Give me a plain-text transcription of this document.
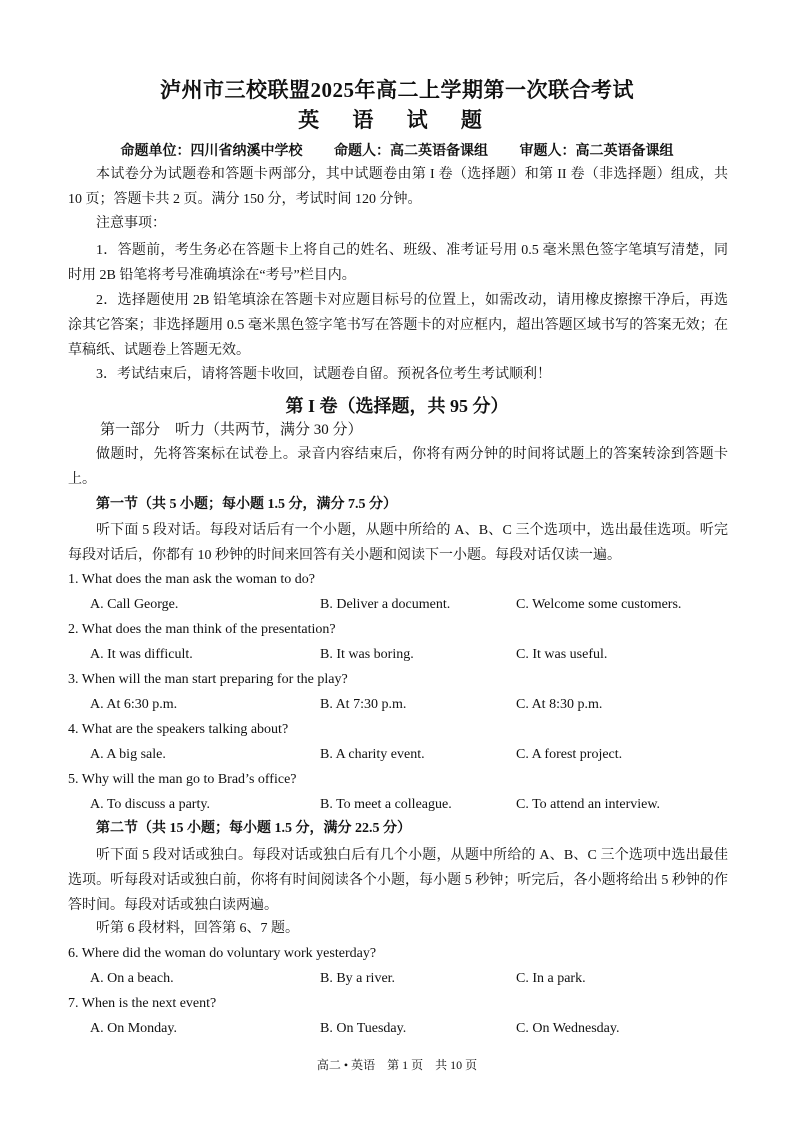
泸州市三校联盟2025年高二上学期第一次联合考试
英 语 试 题
命题单位：四川省纳溪中学校 命题人：高二英语备课组 审题人：高二英语备课组
本试卷分为试题卷和答题卡两部分，其中试题卷由第 I 卷（选择题）和第 II 卷（非选择题）组成，共 10 页；答题卡共 2 页。满分 150 分，考试时间 120 分钟。
注意事项：
1．答题前，考生务必在答题卡上将自己的姓名、班级、准考证号用 0.5 毫米黑色签字笔填写清楚，同时用 2B 铅笔将考号准确填涂在“考号”栏目内。
2．选择题使用 2B 铅笔填涂在答题卡对应题目标号的位置上，如需改动，请用橡皮擦擦干净后，再选涂其它答案；非选择题用 0.5 毫米黑色签字笔书写在答题卡的对应框内，超出答题区域书写的答案无效；在草稿纸、试题卷上答题无效。
3．考试结束后，请将答题卡收回，试题卷自留。预祝各位考生考试顺利！
第 I 卷（选择题，共 95 分）
第一部分　听力（共两节，满分 30 分）
做题时，先将答案标在试卷上。录音内容结束后，你将有两分钟的时间将试题上的答案转涂到答题卡上。
第一节（共 5 小题；每小题 1.5 分，满分 7.5 分）
听下面 5 段对话。每段对话后有一个小题，从题中所给的 A、B、C 三个选项中，选出最佳选项。听完每段对话后，你都有 10 秒钟的时间来回答有关小题和阅读下一小题。每段对话仅读一遍。
1. What does the man ask the woman to do?
A. Call George.	B. Deliver a document.	C. Welcome some customers.
2. What does the man think of the presentation?
A. It was difficult.	B. It was boring.	C. It was useful.
3. When will the man start preparing for the play?
A. At 6:30 p.m.	B. At 7:30 p.m.	C. At 8:30 p.m.
4. What are the speakers talking about?
A. A big sale.	B. A charity event.	C. A forest project.
5. Why will the man go to Brad’s office?
A. To discuss a party.	B. To meet a colleague.	C. To attend an interview.
第二节（共 15 小题；每小题 1.5 分，满分 22.5 分）
听下面 5 段对话或独白。每段对话或独白后有几个小题，从题中所给的 A、B、C 三个选项中选出最佳选项。听每段对话或独白前，你将有时间阅读各个小题，每小题 5 秒钟；听完后，各小题将给出 5 秒钟的作答时间。每段对话或独白读两遍。
听第 6 段材料，回答第 6、7 题。
6. Where did the woman do voluntary work yesterday?
A. On a beach.	B. By a river.	C. In a park.
7. When is the next event?
A. On Monday.	B. On Tuesday.	C. On Wednesday.
高二 • 英语　第 1 页　共 10 页
